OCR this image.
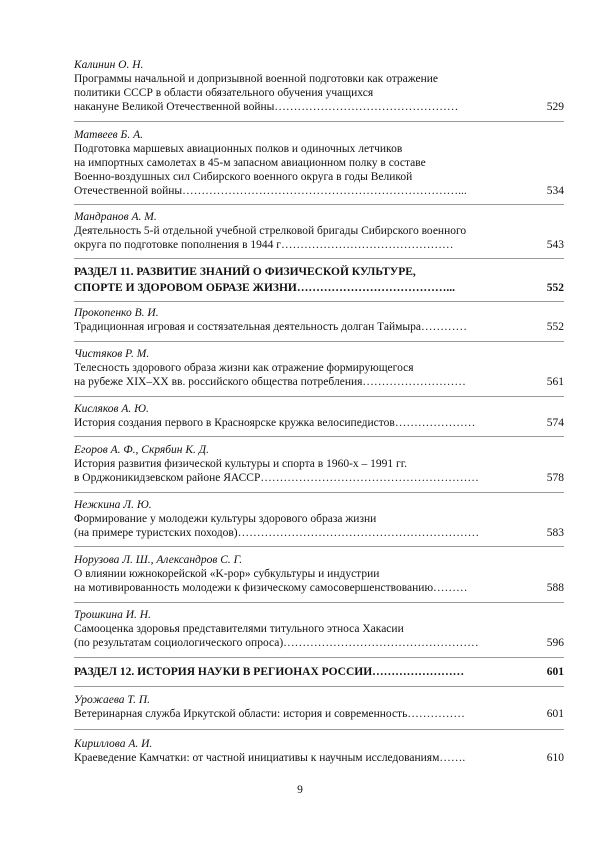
Калинин О. Н.
Программы начальной и допризывной военной подготовки как отражение
политики СССР в области обязательного обучения учащихся
накануне Великой Отечественной войны…………………………………………	529
Матвеев Б. А.
Подготовка маршевых авиационных полков и одиночных летчиков
на импортных самолетах в 45-м запасном авиационном полку в составе
Военно-воздушных сил Сибирского военного округа в годы Великой
Отечественной войны………………………………………………………………...	534
Мандранов А. М.
Деятельность 5-й отдельной учебной стрелковой бригады Сибирского военного
округа по подготовке пополнения в 1944 г………………………………………	543
РАЗДЕЛ 11. РАЗВИТИЕ ЗНАНИЙ О ФИЗИЧЕСКОЙ КУЛЬТУРЕ,
СПОРТЕ И ЗДОРОВОМ ОБРАЗЕ ЖИЗНИ…………………………………...	552
Прокопенко В. И.
Традиционная игровая и состязательная деятельность долган Таймыра…………	552
Чистяков Р. М.
Телесность здорового образа жизни как отражение формирующегося
на рубеже XIX–XX вв. российского общества потребления………………………	561
Кисляков А. Ю.
История создания первого в Красноярске кружка велосипедистов…………………	574
Егоров А. Ф., Скрябин К. Д.
История развития физической культуры и спорта в 1960-х – 1991 гг.
в Орджоникидзевском районе ЯАССР…………………………………………………	578
Нежкина Л. Ю.
Формирование у молодежи культуры здорового образа жизни
(на примере туристских походов)………………………………………………………	583
Норузова Л. Ш., Александров С. Г.
О влиянии южнокорейской «K-pop» субкультуры и индустрии
на мотивированность молодежи к физическому самосовершенствованию………	588
Трошкина И. Н.
Самооценка здоровья представителями титульного этноса Хакасии
(по результатам социологического опроса)……………………………………………	596
РАЗДЕЛ 12. ИСТОРИЯ НАУКИ В РЕГИОНАХ РОССИИ……………………	601
Урожаева Т. П.
Ветеринарная служба Иркутской области: история и современность……………	601
Кириллова А. И.
Краеведение Камчатки: от частной инициативы к научным исследованиям…….	610
9
